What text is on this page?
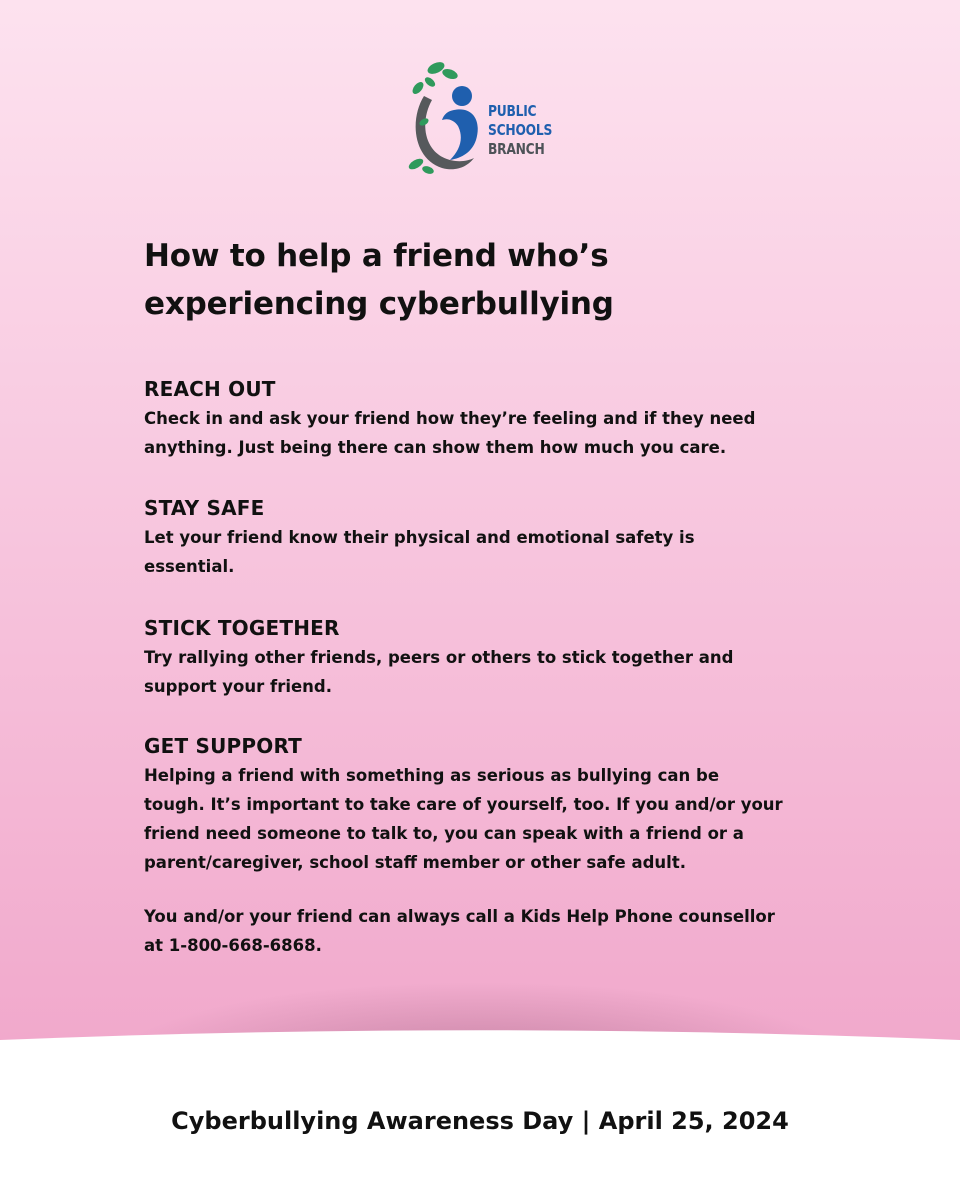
PUBLIC
SCHOOLS
BRANCH
How to help a friend who’s
experiencing cyberbullying
REACH OUT

Check in and ask your friend how they’re feeling and if they need
anything. Just being there can show them how much you care.

STAY SAFE

Let your friend know their physical and emotional safety is
essential.

STICK TOGETHER

Try rallying other friends, peers or others to stick together and
support your friend.

GET SUPPORT

Helping a friend with something as serious as bullying can be
tough. It’s important to take care of yourself, too. If you and/or your
friend need someone to talk to, you can speak with a friend or a
parent/caregiver, school staff member or other safe adult.

You and/or your friend can always call a Kids Help Phone counsellor
at 1-800-668-6868.

Cyberbullying Awareness Day | April 25, 2024
